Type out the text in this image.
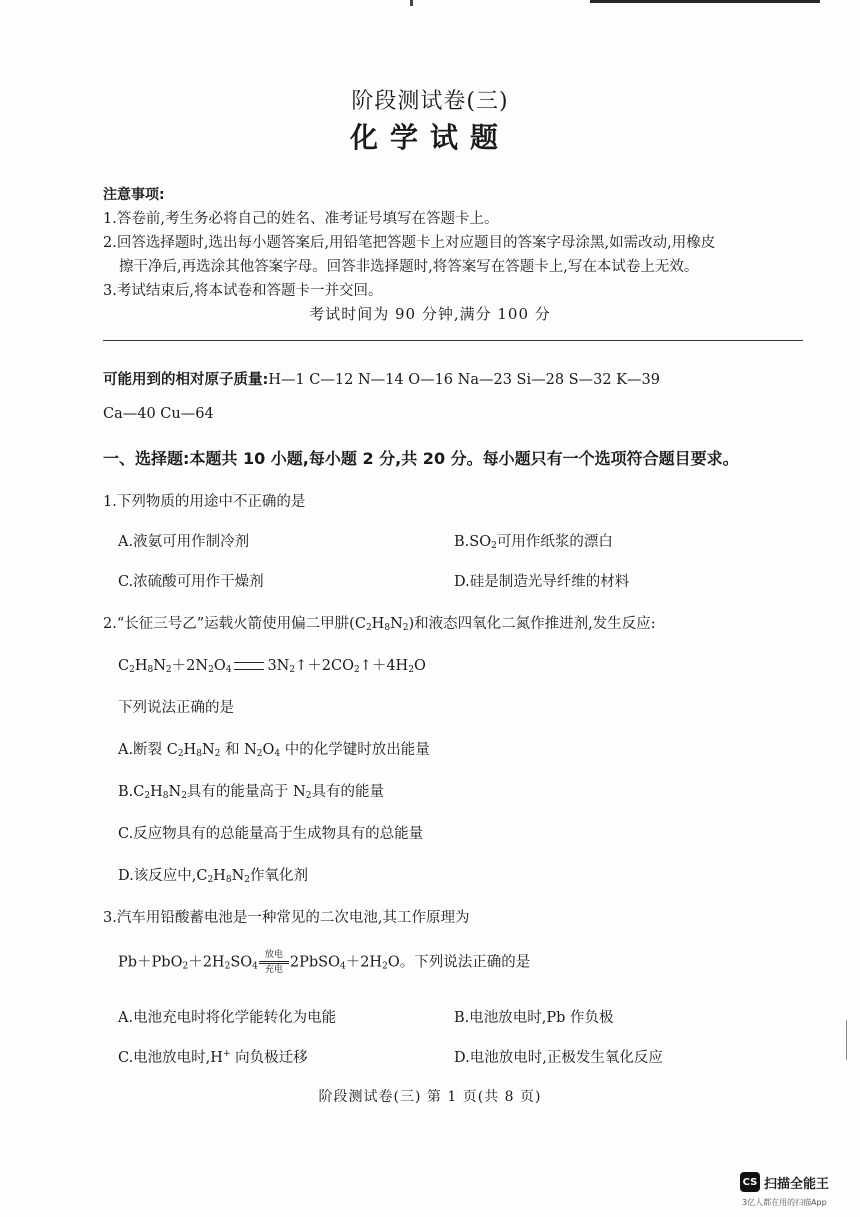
阶段测试卷(三)
化学试题
注意事项:
1.答卷前,考生务必将自己的姓名、准考证号填写在答题卡上。
2.回答选择题时,选出每小题答案后,用铅笔把答题卡上对应题目的答案字母涂黑,如需改动,用橡皮
擦干净后,再选涂其他答案字母。回答非选择题时,将答案写在答题卡上,写在本试卷上无效。
3.考试结束后,将本试卷和答题卡一并交回。
考试时间为 90 分钟,满分 100 分
可能用到的相对原子质量:H—1 C—12 N—14 O—16 Na—23 Si—28 S—32 K—39
Ca—40 Cu—64
一、选择题:本题共 10 小题,每小题 2 分,共 20 分。每小题只有一个选项符合题目要求。
1.下列物质的用途中不正确的是
A.液氨可用作制冷剂	$B.SO_2$可用作纸浆的漂白
C.浓硫酸可用作干燥剂	D.硅是制造光导纤维的材料
2.“长征三号乙”运载火箭使用偏二甲肼$(C_2H_8N_2)$和液态四氧化二氮作推进剂,发生反应:
$C_2H_8N_2+2N_2O_4$ $3N_2↑+2CO_2↑+4H_2O$
下列说法正确的是
A.断裂 $C_2H_8N_2$ 和 $N_2O_4$ 中的化学键时放出能量
$B.C_2H_8N_2$具有的能量高于 $N_2$具有的能量
C.反应物具有的总能量高于生成物具有的总能量
D.该反应中$,C_2H_8N_2$作氧化剂
3.汽车用铅酸蓄电池是一种常见的二次电池,其工作原理为
$Pb+PbO_2+2H_2SO_4$放电
充电 $2PbSO_4+2H_2O$。下列说法正确的是
A.电池充电时将化学能转化为电能	B.电池放电时,Pb 作负极
C.电池放电时,H+ 向负极迁移	D.电池放电时,正极发生氧化反应
阶段测试卷(三) 第 1 页(共 8 页)
CS 扫描全能王
3亿人都在用的扫描App
